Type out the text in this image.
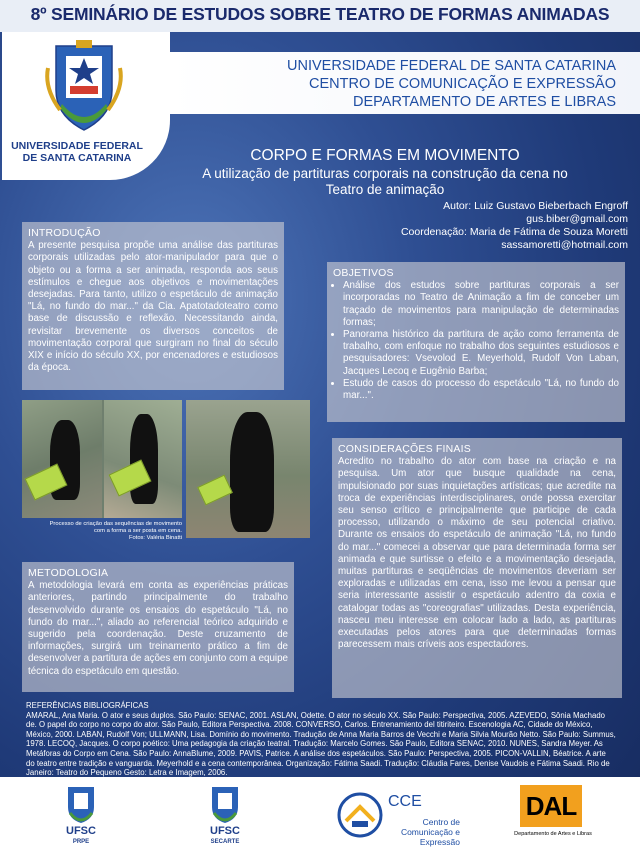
8º SEMINÁRIO DE ESTUDOS SOBRE TEATRO DE FORMAS ANIMADAS
UNIVERSIDADE FEDERAL
DE SANTA CATARINA
UNIVERSIDADE FEDERAL DE SANTA CATARINA
CENTRO DE COMUNICAÇÃO E EXPRESSÃO
DEPARTAMENTO DE ARTES E LIBRAS
CORPO E FORMAS EM MOVIMENTO
A utilização de partituras corporais na construção da cena no
Teatro de animação
Autor: Luiz Gustavo Bieberbach Engroff
gus.biber@gmail.com
Coordenação: Maria de Fátima de Souza Moretti
sassamoretti@hotmail.com
INTRODUÇÃO

A presente pesquisa propõe uma análise das partituras corporais utilizadas pelo ator-manipulador para que o objeto ou a forma a ser animada, responda aos seus estímulos e chegue aos objetivos e movimentações desejadas. Para tanto, utilizo o espetáculo de animação "Lá, no fundo do mar..." da Cia. Apatotadoteatro como base de discussão e reflexão. Necessitando ainda, revisitar brevemente os diversos conceitos de movimentação corporal que surgiram no final do século XIX e início do século XX, por encenadores e estudiosos da época.

OBJETIVOS
• Análise dos estudos sobre partituras corporais a ser incorporadas no Teatro de Animação a fim de conceber um traçado de movimentos para manipulação de determinadas formas;
• Panorama histórico da partitura de ação como ferramenta de trabalho, com enfoque no trabalho dos seguintes estudiosos e pesquisadores: Vsevolod E. Meyerhold, Rudolf Von Laban, Jacques Lecoq e Eugênio Barba;
• Estudo de casos do processo do espetáculo "Lá, no fundo do mar...".
Processo de criação das sequências de movimento
com a forma a ser posta em cena.
Fotos: Valéria Binatti
CONSIDERAÇÕES FINAIS

Acredito no trabalho do ator com base na criação e na pesquisa. Um ator que busque qualidade na cena, impulsionado por suas inquietações artísticas; que acredite na troca de experiências interdisciplinares, onde possa exercitar seu senso crítico e principalmente que participe de cada processo, utilizando o máximo de seu potencial criativo. Durante os ensaios do espetáculo de animação "Lá, no fundo do mar..." comecei a observar que para determinada forma ser animada e que surtisse o efeito e a movimentação desejada, muitas partituras e seqüências de movimentos deveriam ser exploradas e utilizadas em cena, isso me levou a pensar que seria interessante assistir o espetáculo adentro da coxia e catalogar todas as "coreografias" utilizadas. Desta experiência, nasceu meu interesse em colocar lado a lado, as partituras executadas pelos atores para que determinadas formas parecessem mais críveis aos espectadores.

METODOLOGIA

A metodologia levará em conta as experiências práticas anteriores, partindo principalmente do trabalho desenvolvido durante os ensaios do espetáculo "Lá, no fundo do mar...", aliado ao referencial teórico adquirido e sugerido pela coordenação. Deste cruzamento de informações, surgirá um treinamento prático a fim de desenvolver a partitura de ações em conjunto com a equipe técnica do espetáculo em questão.

REFERÊNCIAS BIBLIOGRÁFICAS
AMARAL, Ana Maria. O ator e seus duplos. São Paulo: SENAC, 2001. ASLAN, Odette. O ator no século XX. São Paulo: Perspectiva, 2005. AZEVEDO, Sônia Machado de. O papel do corpo no corpo do ator. São Paulo, Editora Perspectiva. 2008. CONVERSO, Carlos. Entrenamiento del titiriteiro. Escenologia AC, Cidade do México, México, 2000. LABAN, Rudolf Von; ULLMANN, Lisa. Domínio do movimento. Tradução de Anna Maria Barros de Vecchi e Maria Silvia Mourão Netto. São Paulo: Summus, 1978. LECOQ, Jacques. O corpo poético: Uma pedagogia da criação teatral. Tradução: Marcelo Gomes. São Paulo, Editora SENAC, 2010. NUNES, Sandra Meyer. As Metáforas do Corpo em Cena. São Paulo: AnnaBlume, 2009. PAVIS, Patrice. A análise dos espetáculos. São Paulo: Perspectiva, 2005. PICON-VALLIN, Béatrice. A arte do teatro entre tradição e vanguarda. Meyerhold e a cena contemporânea. Organização: Fátima Saadi. Tradução: Cláudia Fares, Denise Vaudois e Fátima Saadi. Rio de Janeiro: Teatro do Pequeno Gesto: Letra e Imagem, 2006.
UFSC
PRPE
UFSC
SECARTE
CCE
Centro de
Comunicação e Expressão
DAL
Departamento de Artes e Libras
